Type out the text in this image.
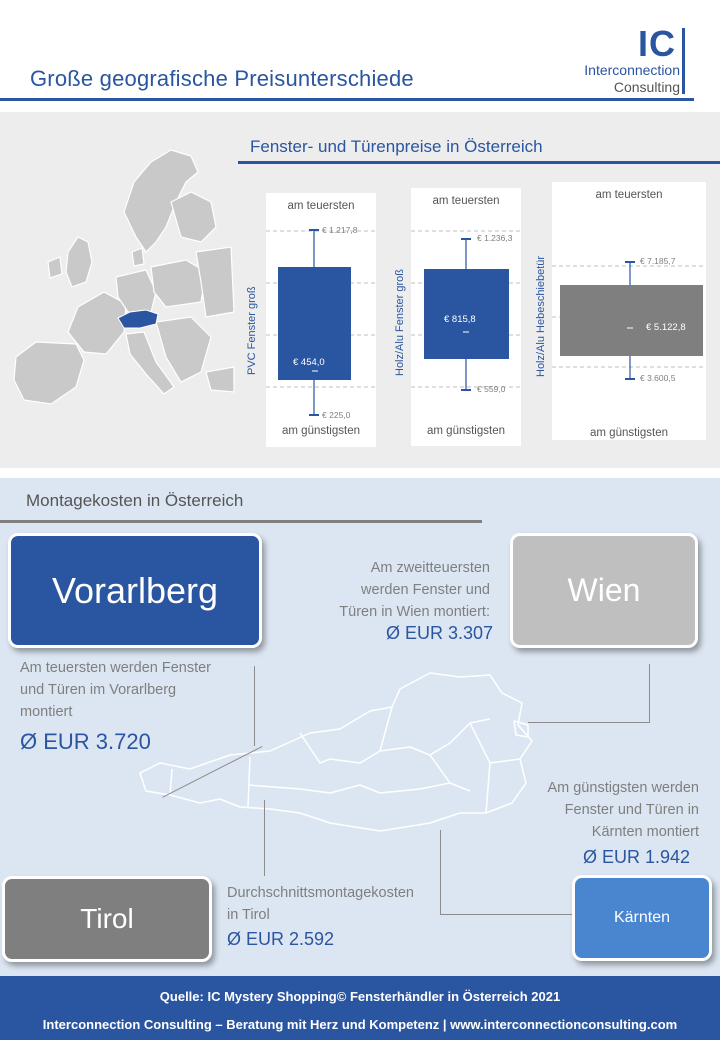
Große geografische Preisunterschiede
IC
Interconnection
Consulting
Fenster- und Türenpreise in Österreich
am teuersten
am günstigsten
PVC Fenster groß
€ 1.217,8
€ 454,0
€ 225,0
am teuersten
am günstigsten
Holz/Alu Fenster groß
€ 1.236,3
€ 815,8
€ 559,0
am teuersten
am günstigsten
Holz/Alu Hebeschiebetür	€ 7.185,7
€ 5.122,8
€ 3.600,5
Montagekosten in Österreich
Vorarlberg
Am teuersten werden Fenster
und Türen im Vorarlberg
montiert
Ø EUR 3.720
Am zweitteuersten
werden Fenster und
Türen in Wien montiert:
Ø EUR 3.307
Wien
Am günstigsten werden
Fenster und Türen in
Kärnten montiert
Ø EUR 1.942
Kärnten
Tirol
Durchschnittsmontagekosten
in Tirol
Ø EUR 2.592
Quelle: IC Mystery Shopping© Fensterhändler in Österreich 2021
Interconnection Consulting – Beratung mit Herz und Kompetenz | www.interconnectionconsulting.com
